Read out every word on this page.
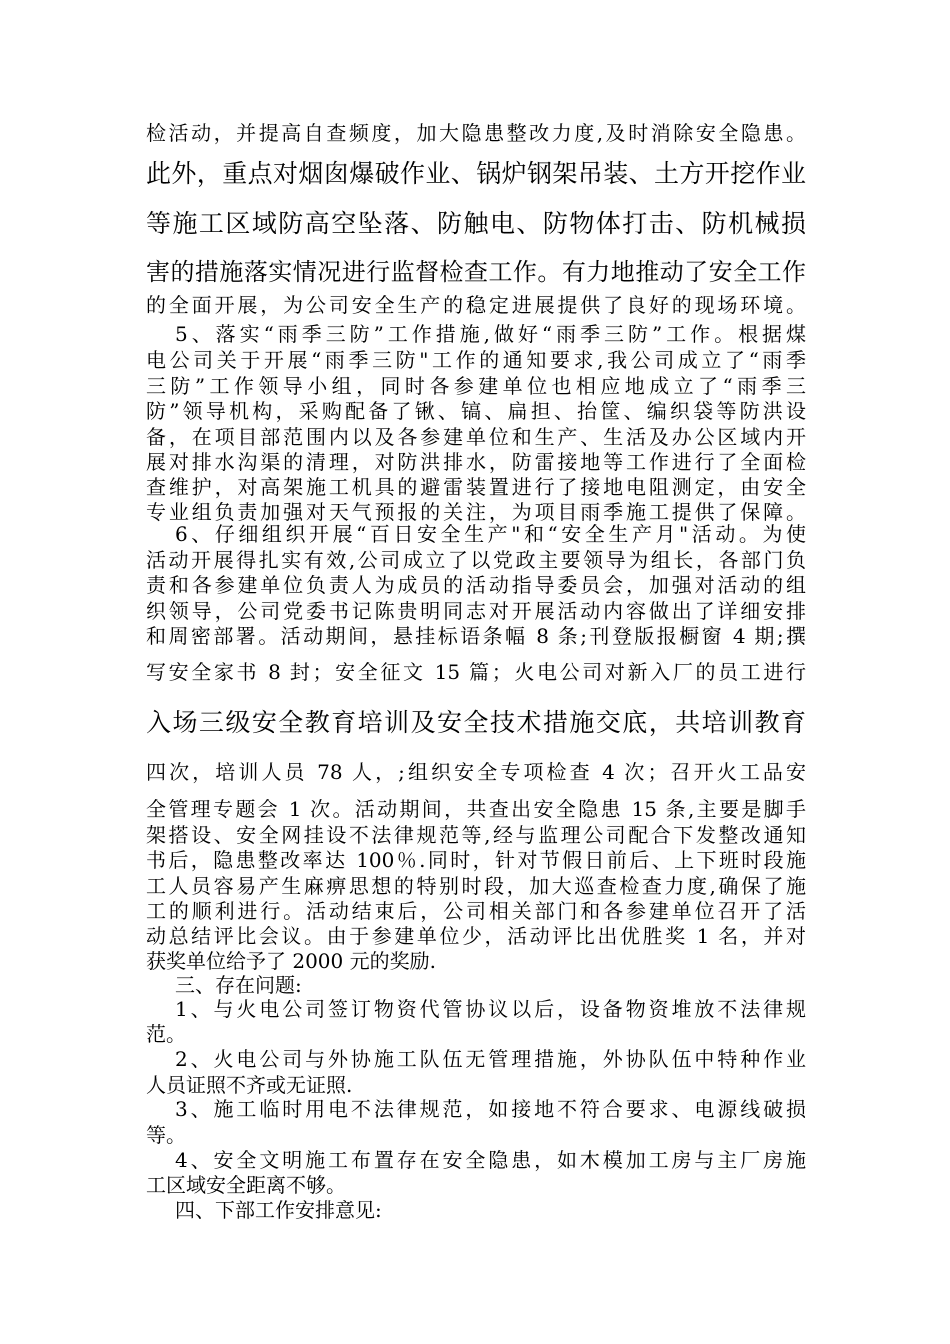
检活动，并提高自查频度，加大隐患整改力度,及时消除安全隐患。

此外，重点对烟囱爆破作业、锅炉钢架吊装、土方开挖作业

等施工区域防高空坠落、防触电、防物体打击、防机械损

害的措施落实情况进行监督检查工作。有力地推动了安全工作

的全面开展，为公司安全生产的稳定进展提供了良好的现场环境。

5、落实“雨季三防”工作措施,做好“雨季三防”工作。根据煤

电公司关于开展“雨季三防"工作的通知要求,我公司成立了“雨季

三防”工作领导小组，同时各参建单位也相应地成立了“雨季三

防”领导机构，采购配备了锹、镐、扁担、抬筐、编织袋等防洪设

备，在项目部范围内以及各参建单位和生产、生活及办公区域内开

展对排水沟渠的清理，对防洪排水，防雷接地等工作进行了全面检

查维护，对高架施工机具的避雷装置进行了接地电阻测定，由安全

专业组负责加强对天气预报的关注，为项目雨季施工提供了保障。

6、仔细组织开展“百日安全生产"和“安全生产月"活动。为使

活动开展得扎实有效,公司成立了以党政主要领导为组长，各部门负

责和各参建单位负责人为成员的活动指导委员会，加强对活动的组

织领导，公司党委书记陈贵明同志对开展活动内容做出了详细安排

和周密部署。活动期间，悬挂标语条幅 8 条;刊登版报橱窗 4 期;撰

写安全家书 8 封；安全征文 15 篇；火电公司对新入厂的员工进行

入场三级安全教育培训及安全技术措施交底，共培训教育

四次，培训人员 78 人，;组织安全专项检查 4 次；召开火工品安

全管理专题会 1 次。活动期间，共查出安全隐患 15 条,主要是脚手

架搭设、安全网挂设不法律规范等,经与监理公司配合下发整改通知

书后，隐患整改率达 100％.同时，针对节假日前后、上下班时段施

工人员容易产生麻痹思想的特别时段，加大巡查检查力度,确保了施

工的顺利进行。活动结束后，公司相关部门和各参建单位召开了活

动总结评比会议。由于参建单位少，活动评比出优胜奖 1 名，并对

获奖单位给予了 2000 元的奖励.

三、存在问题:

1、与火电公司签订物资代管协议以后，设备物资堆放不法律规

范。

2、火电公司与外协施工队伍无管理措施，外协队伍中特种作业

人员证照不齐或无证照.

3、施工临时用电不法律规范，如接地不符合要求、电源线破损

等。

4、安全文明施工布置存在安全隐患，如木模加工房与主厂房施

工区域安全距离不够。

四、下部工作安排意见:
